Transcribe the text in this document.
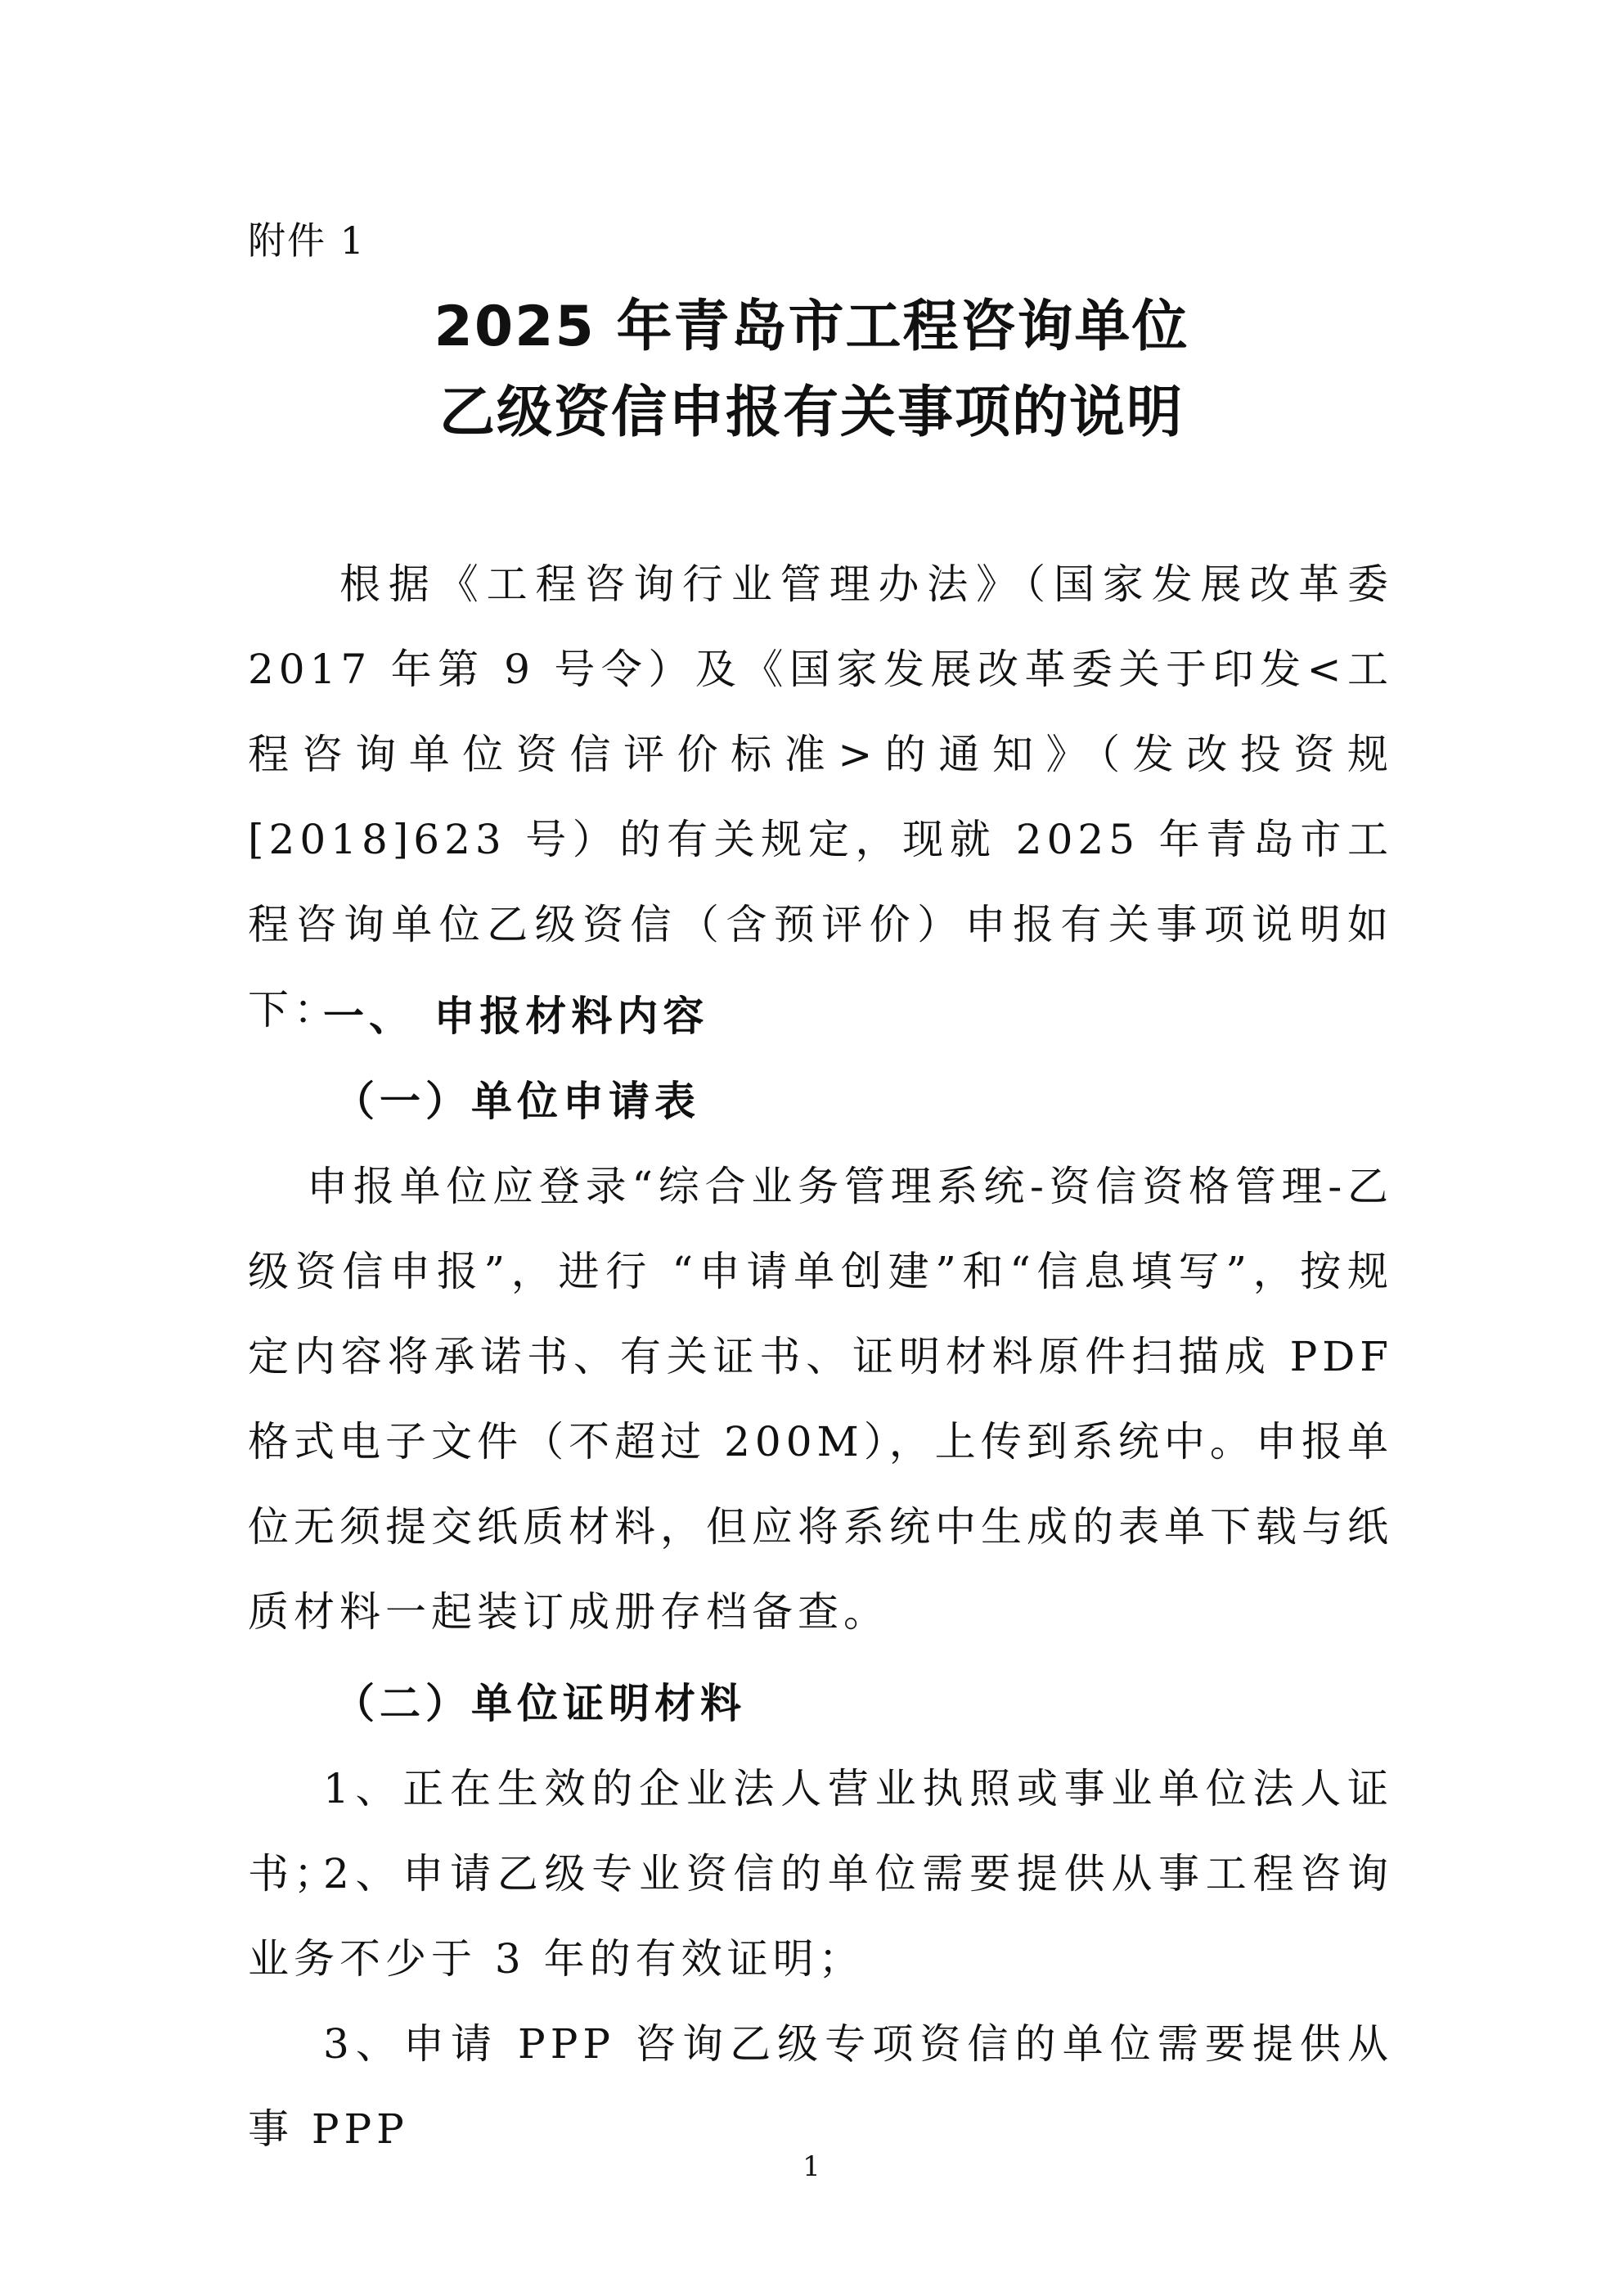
附件 1
2025 年青岛市工程咨询单位
乙级资信申报有关事项的说明
根据《工程咨询行业管理办法》（国家发展改革委 2017 年第 9 号令）及《国家发展改革委关于印发<工程咨询单位资信评价标准>的通知》（发改投资规[2018]623 号）的有关规定，现就 2025 年青岛市工程咨询单位乙级资信（含预评价）申报有关事项说明如下：
一、 申报材料内容
（一）单位申请表
申报单位应登录“综合业务管理系统-资信资格管理-乙级资信申报”，进行 “申请单创建”和“信息填写”，按规定内容将承诺书、有关证书、证明材料原件扫描成 PDF 格式电子文件（不超过 200M），上传到系统中。申报单位无须提交纸质材料，但应将系统中生成的表单下载与纸质材料一起装订成册存档备查。
（二）单位证明材料
1、正在生效的企业法人营业执照或事业单位法人证书；
2、申请乙级专业资信的单位需要提供从事工程咨询业务不少于 3 年的有效证明；
3、申请 PPP 咨询乙级专项资信的单位需要提供从事 PPP
1
